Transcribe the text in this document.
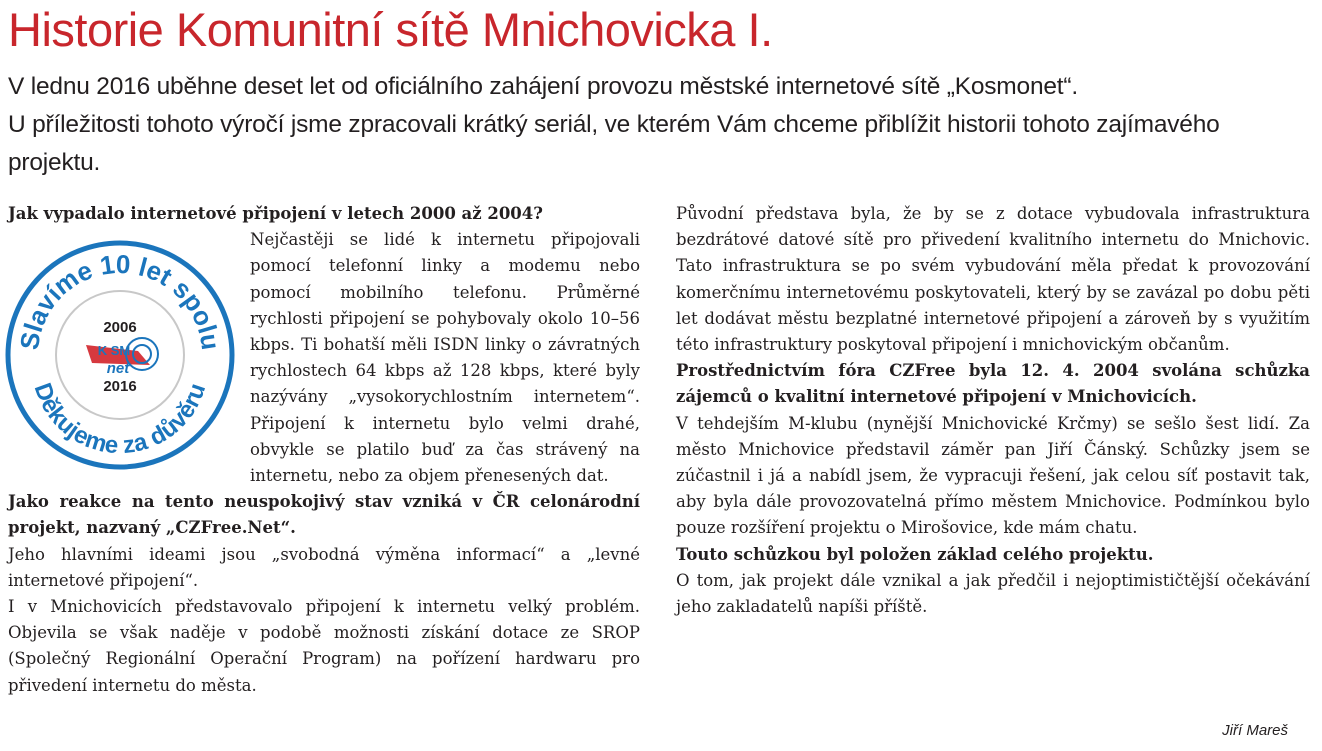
Historie Komunitní sítě Mnichovicka I.

V lednu 2016 uběhne deset let od oficiálního zahájení provozu městské internetové sítě „Kosmonet“.

U příležitosti tohoto výročí jsme zpracovali krátký seriál, ve kterém Vám chceme přiblížit historii tohoto zajímavého projektu.

Jak vypadalo internetové připojení v letech 2000 až 2004?

Slavíme 10 let spolu
Děkujeme za důvěru
2006
2016
K SM
net

Nejčastěji se lidé k internetu připojovali pomocí telefonní linky a modemu nebo pomocí mobilního telefonu. Průměrné rychlosti připojení se pohybovaly okolo 10–56 kbps. Ti bohatší měli ISDN linky o závratných rychlostech 64 kbps až 128 kbps, které byly nazývány „vysokorychlostním internetem“. Připojení k internetu bylo velmi drahé, obvykle se platilo buď za čas strávený na internetu, nebo za objem přenesených dat.

Jako reakce na tento neuspokojivý stav vzniká v ČR celonárodní projekt, nazvaný „CZFree.Net“.

Jeho hlavními ideami jsou „svobodná výměna informací“ a „levné internetové připojení“.

I v Mnichovicích představovalo připojení k internetu velký problém. Objevila se však naděje v podobě možnosti získání dotace ze SROP (Společný Regionální Operační Program) na pořízení hardwaru pro přivedení internetu do města.

Původní představa byla, že by se z dotace vybudovala infrastruktura bezdrátové datové sítě pro přivedení kvalitního internetu do Mnichovic. Tato infrastruktura se po svém vybudování měla předat k provozování komerčnímu internetovému poskytovateli, který by se zavázal po dobu pěti let dodávat městu bezplatné internetové připojení a zároveň by s využitím této infrastruktury poskytoval připojení i mnichovickým občanům.

Prostřednictvím fóra CZFree byla 12. 4. 2004 svolána schůzka zájemců o kvalitní internetové připojení v Mnichovicích.

V tehdejším M-klubu (nynější Mnichovické Krčmy) se sešlo šest lidí. Za město Mnichovice představil záměr pan Jiří Čánský. Schůzky jsem se zúčastnil i já a nabídl jsem, že vypracuji řešení, jak celou síť postavit tak, aby byla dále provozovatelná přímo městem Mnichovice. Podmínkou bylo pouze rozšíření projektu o Mirošovice, kde mám chatu.

Touto schůzkou byl položen základ celého projektu.

O tom, jak projekt dále vznikal a jak předčil i nejoptimističtější očekávání jeho zakladatelů napíši příště.

Jiří Mareš
